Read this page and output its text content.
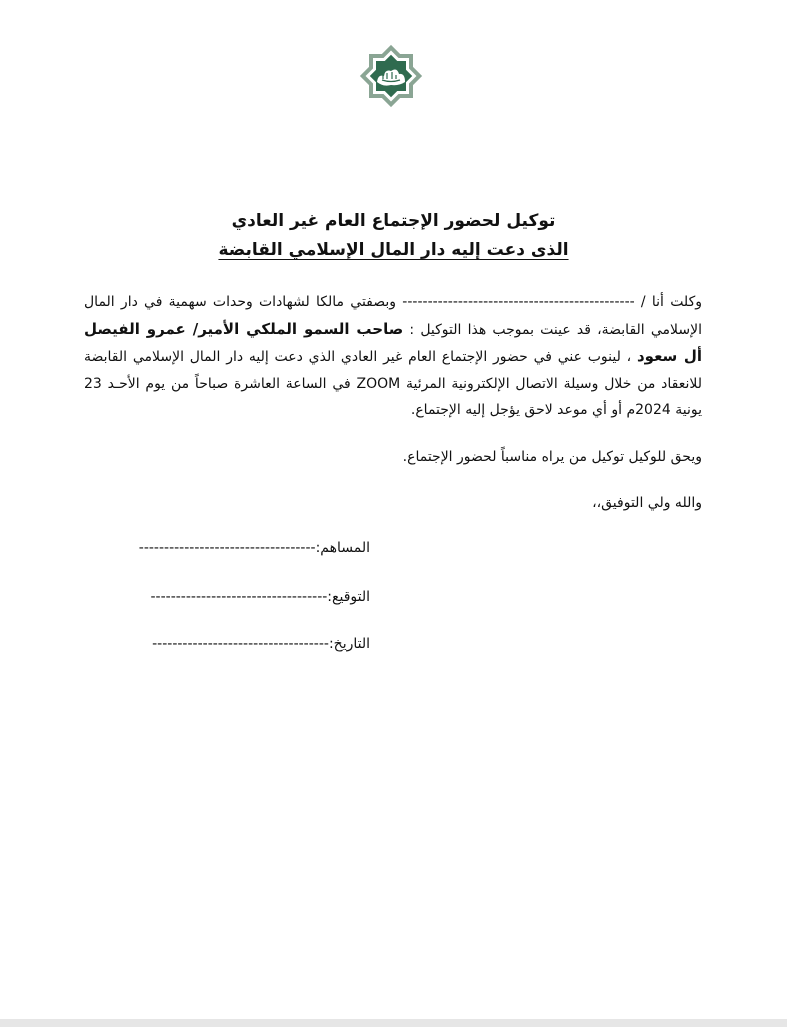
توكيل لحضور الإجتماع العام غير العادي
الذى دعت إليه دار المال الإسلامي القابضة

وكلت أنا / ---------------------------------------------- وبصفتي مالكا لشهادات وحدات سهمية في دار المال الإسلامي القابضة، قد عينت بموجب هذا التوكيل : صاحب السمو الملكي الأمير/ عمرو الفيصل أل سعود ، لينوب عني في حضور الإجتماع العام غير العادي الذي دعت إليه دار المال الإسلامي القابضة للانعقاد من خلال وسيلة الاتصال الإلكترونية المرئية ZOOM في الساعة العاشرة صباحاً من يوم الأحـد 23 يونية 2024م أو أي موعد لاحق يؤجل إليه الإجتماع.

ويحق للوكيل توكيل من يراه مناسباً لحضور الإجتماع.

والله ولي التوفيق،،

المساهم:-----------------------------------
التوقيع:-----------------------------------
التاريخ:-----------------------------------
